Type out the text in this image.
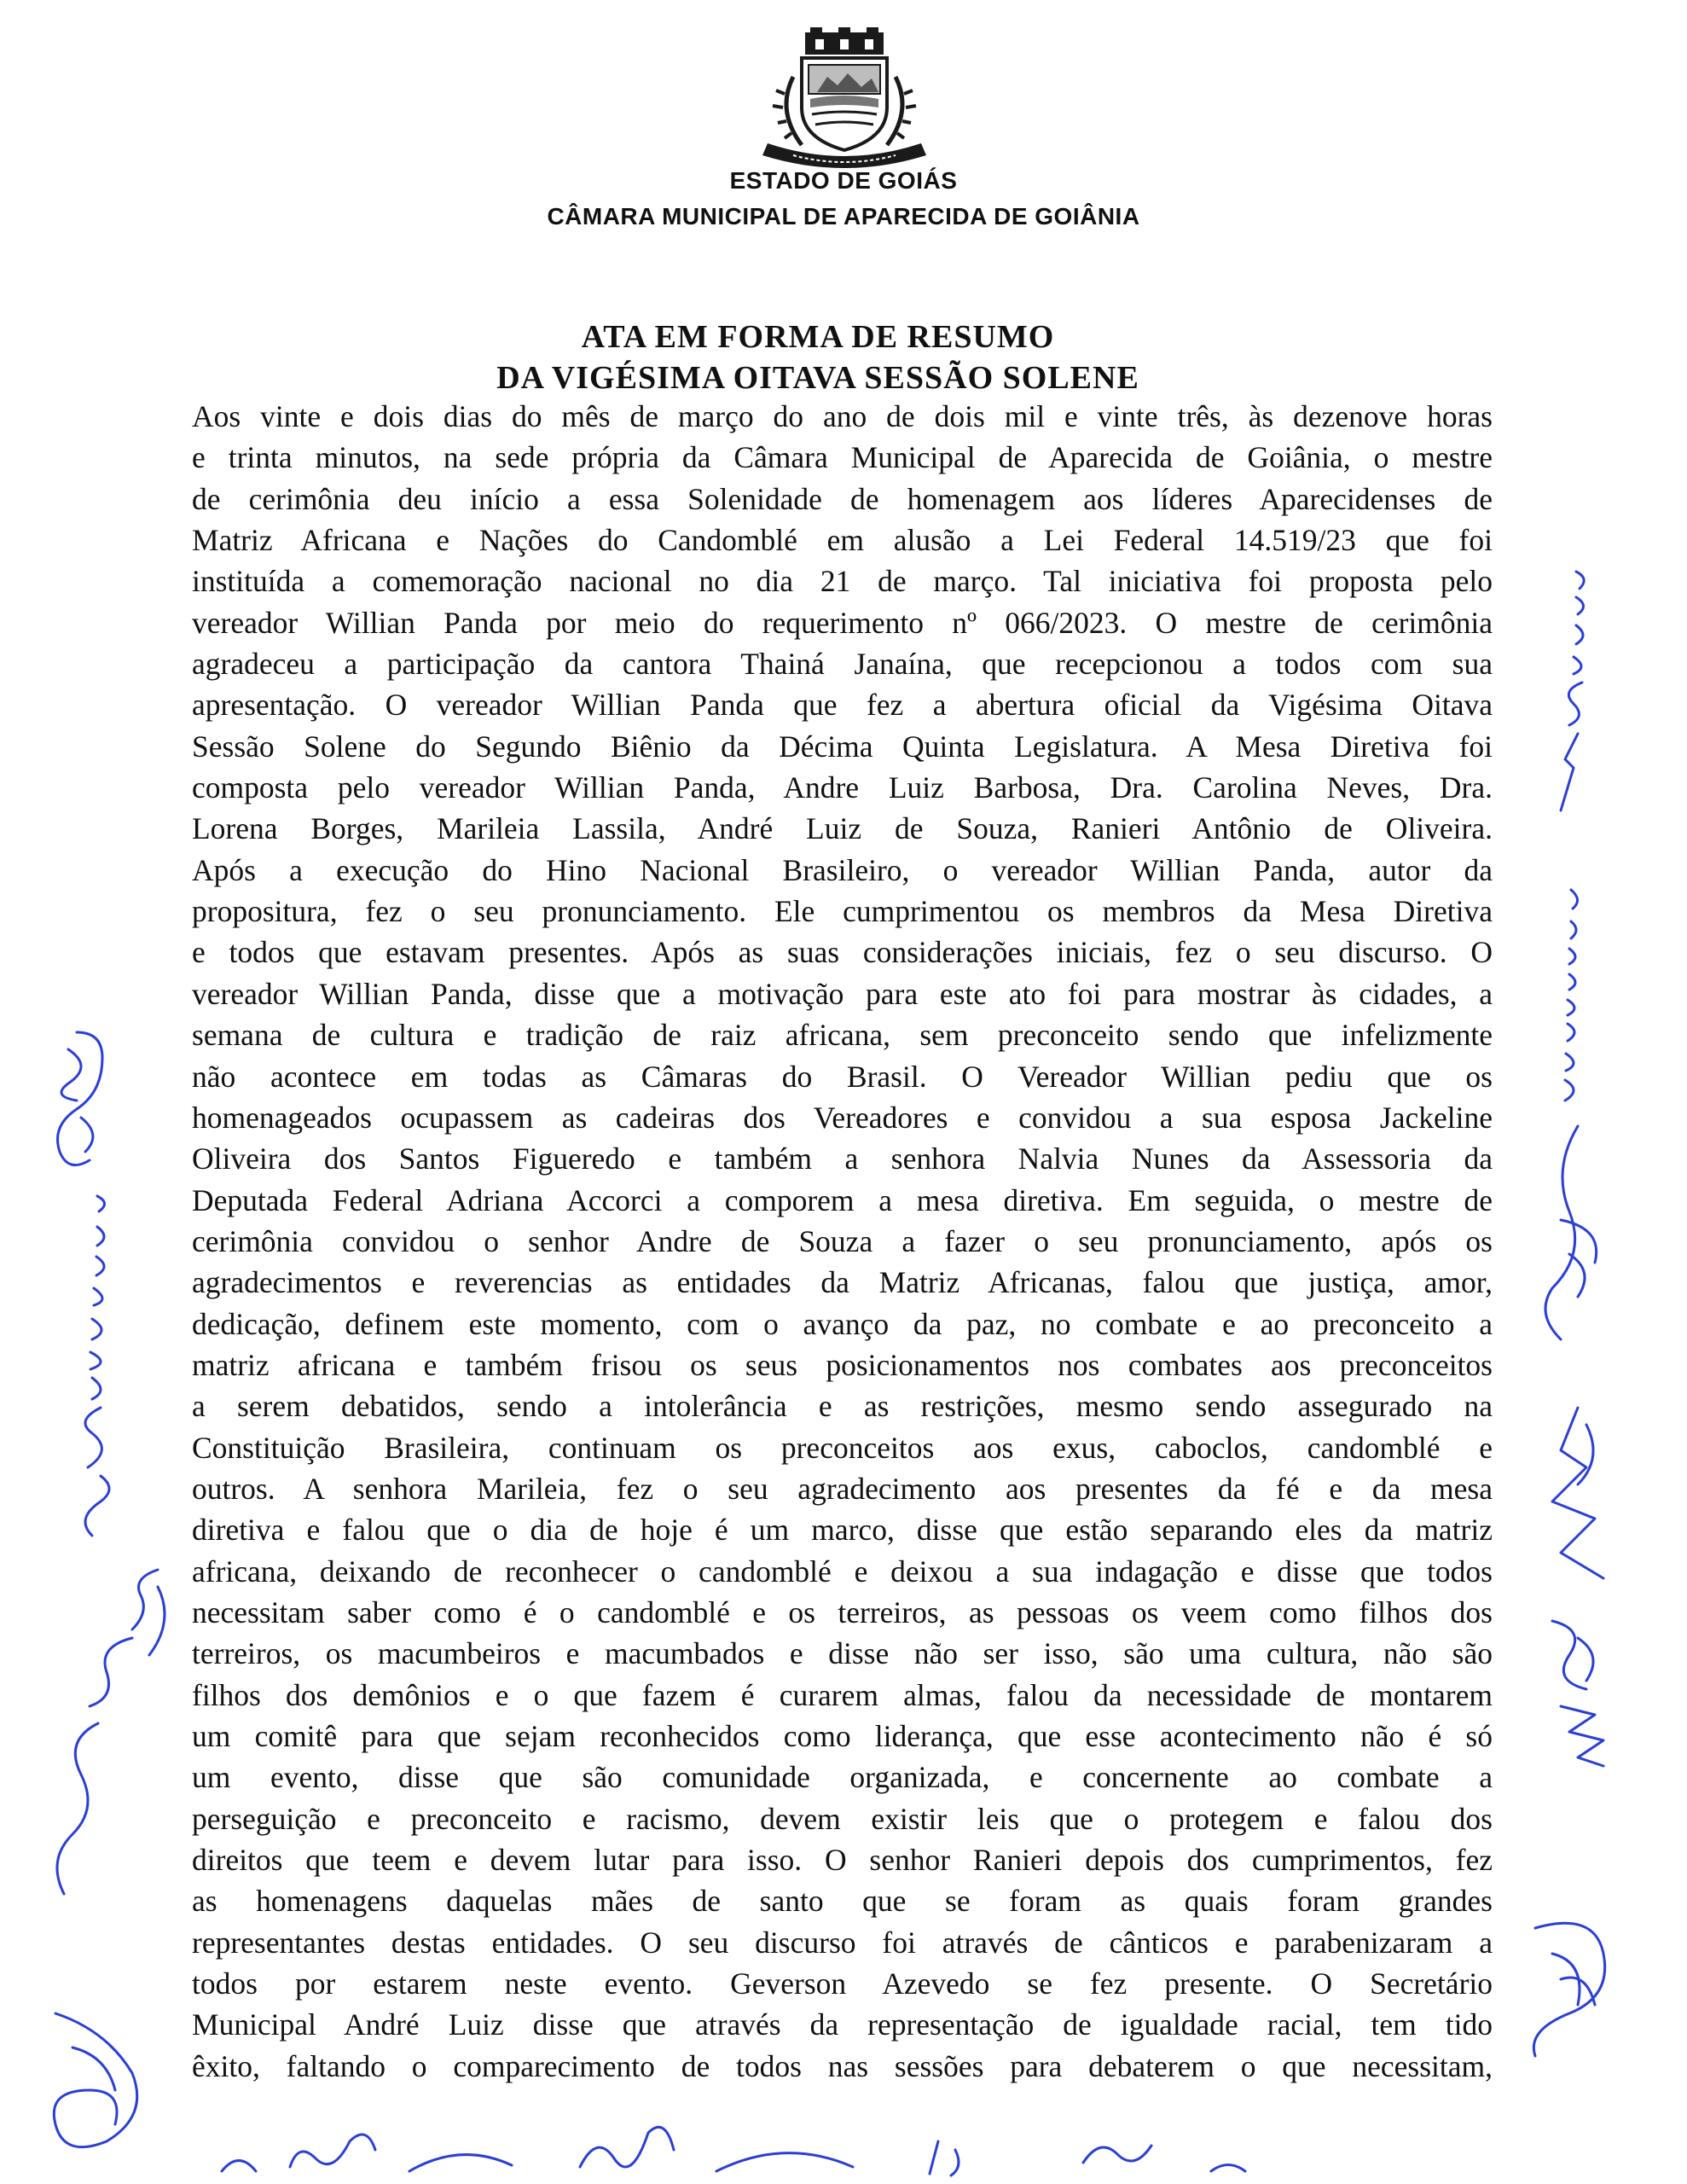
ESTADO DE GOIÁS
CÂMARA MUNICIPAL DE APARECIDA DE GOIÂNIA
ATA EM FORMA DE RESUMO
DA VIGÉSIMA OITAVA SESSÃO SOLENE
Aos vinte e dois dias do mês de março do ano de dois mil e vinte três, às dezenove horas
e trinta minutos, na sede própria da Câmara Municipal de Aparecida de Goiânia, o mestre
de cerimônia deu início a essa Solenidade de homenagem aos líderes Aparecidenses de
Matriz Africana e Nações do Candomblé em alusão a Lei Federal 14.519/23 que foi
instituída a comemoração nacional no dia 21 de março. Tal iniciativa foi proposta pelo
vereador Willian Panda por meio do requerimento nº 066/2023. O mestre de cerimônia
agradeceu a participação da cantora Thainá Janaína, que recepcionou a todos com sua
apresentação. O vereador Willian Panda que fez a abertura oficial da Vigésima Oitava
Sessão Solene do Segundo Biênio da Décima Quinta Legislatura. A Mesa Diretiva foi
composta pelo vereador Willian Panda, Andre Luiz Barbosa, Dra. Carolina Neves, Dra.
Lorena Borges, Marileia Lassila, André Luiz de Souza, Ranieri Antônio de Oliveira.
Após a execução do Hino Nacional Brasileiro, o vereador Willian Panda, autor da
propositura, fez o seu pronunciamento. Ele cumprimentou os membros da Mesa Diretiva
e todos que estavam presentes. Após as suas considerações iniciais, fez o seu discurso. O
vereador Willian Panda, disse que a motivação para este ato foi para mostrar às cidades, a
semana de cultura e tradição de raiz africana, sem preconceito sendo que infelizmente
não acontece em todas as Câmaras do Brasil. O Vereador Willian pediu que os
homenageados ocupassem as cadeiras dos Vereadores e convidou a sua esposa Jackeline
Oliveira dos Santos Figueredo e também a senhora Nalvia Nunes da Assessoria da
Deputada Federal Adriana Accorci a comporem a mesa diretiva. Em seguida, o mestre de
cerimônia convidou o senhor Andre de Souza a fazer o seu pronunciamento, após os
agradecimentos e reverencias as entidades da Matriz Africanas, falou que justiça, amor,
dedicação, definem este momento, com o avanço da paz, no combate e ao preconceito a
matriz africana e também frisou os seus posicionamentos nos combates aos preconceitos
a serem debatidos, sendo a intolerância e as restrições, mesmo sendo assegurado na
Constituição Brasileira, continuam os preconceitos aos exus, caboclos, candomblé e
outros. A senhora Marileia, fez o seu agradecimento aos presentes da fé e da mesa
diretiva e falou que o dia de hoje é um marco, disse que estão separando eles da matriz
africana, deixando de reconhecer o candomblé e deixou a sua indagação e disse que todos
necessitam saber como é o candomblé e os terreiros, as pessoas os veem como filhos dos
terreiros, os macumbeiros e macumbados e disse não ser isso, são uma cultura, não são
filhos dos demônios e o que fazem é curarem almas, falou da necessidade de montarem
um comitê para que sejam reconhecidos como liderança, que esse acontecimento não é só
um evento, disse que são comunidade organizada, e concernente ao combate a
perseguição e preconceito e racismo, devem existir leis que o protegem e falou dos
direitos que teem e devem lutar para isso. O senhor Ranieri depois dos cumprimentos, fez
as homenagens daquelas mães de santo que se foram as quais foram grandes
representantes destas entidades. O seu discurso foi através de cânticos e parabenizaram a
todos por estarem neste evento. Geverson Azevedo se fez presente. O Secretário
Municipal André Luiz disse que através da representação de igualdade racial, tem tido
êxito, faltando o comparecimento de todos nas sessões para debaterem o que necessitam,
